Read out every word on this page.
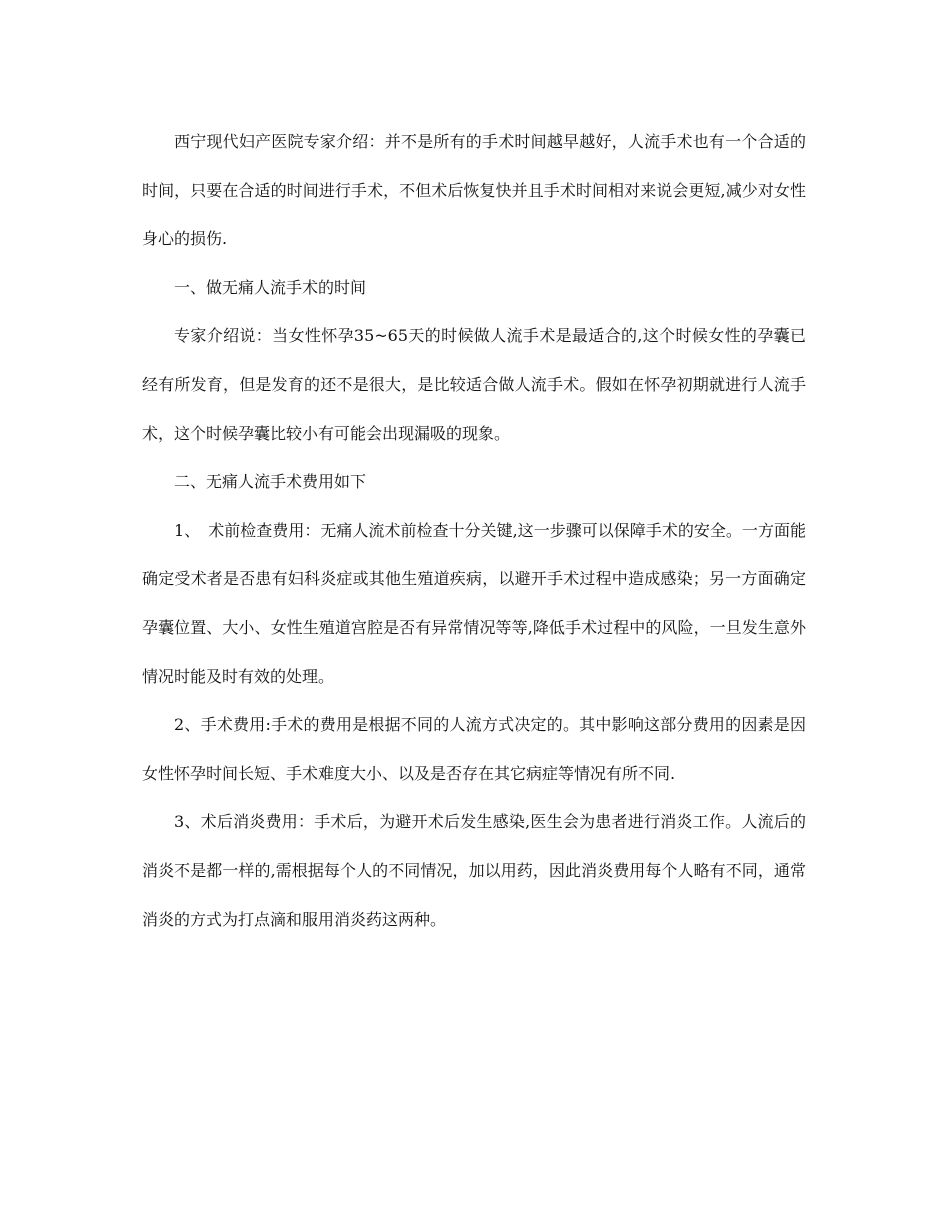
西宁现代妇产医院专家介绍：并不是所有的手术时间越早越好，人流手术也有一个合适的时间，只要在合适的时间进行手术，不但术后恢复快并且手术时间相对来说会更短,减少对女性身心的损伤.

一、做无痛人流手术的时间

专家介绍说：当女性怀孕35~65天的时候做人流手术是最适合的,这个时候女性的孕囊已经有所发育，但是发育的还不是很大，是比较适合做人流手术。假如在怀孕初期就进行人流手术，这个时候孕囊比较小有可能会出现漏吸的现象。

二、无痛人流手术费用如下

1、　术前检查费用：无痛人流术前检查十分关键,这一步骤可以保障手术的安全。一方面能确定受术者是否患有妇科炎症或其他生殖道疾病，以避开手术过程中造成感染；另一方面确定孕囊位置、大小、女性生殖道宫腔是否有异常情况等等,降低手术过程中的风险，一旦发生意外情况时能及时有效的处理。

2、手术费用:手术的费用是根据不同的人流方式决定的。其中影响这部分费用的因素是因女性怀孕时间长短、手术难度大小、以及是否存在其它病症等情况有所不同.

3、术后消炎费用：手术后，为避开术后发生感染,医生会为患者进行消炎工作。人流后的消炎不是都一样的,需根据每个人的不同情况，加以用药，因此消炎费用每个人略有不同，通常消炎的方式为打点滴和服用消炎药这两种。
